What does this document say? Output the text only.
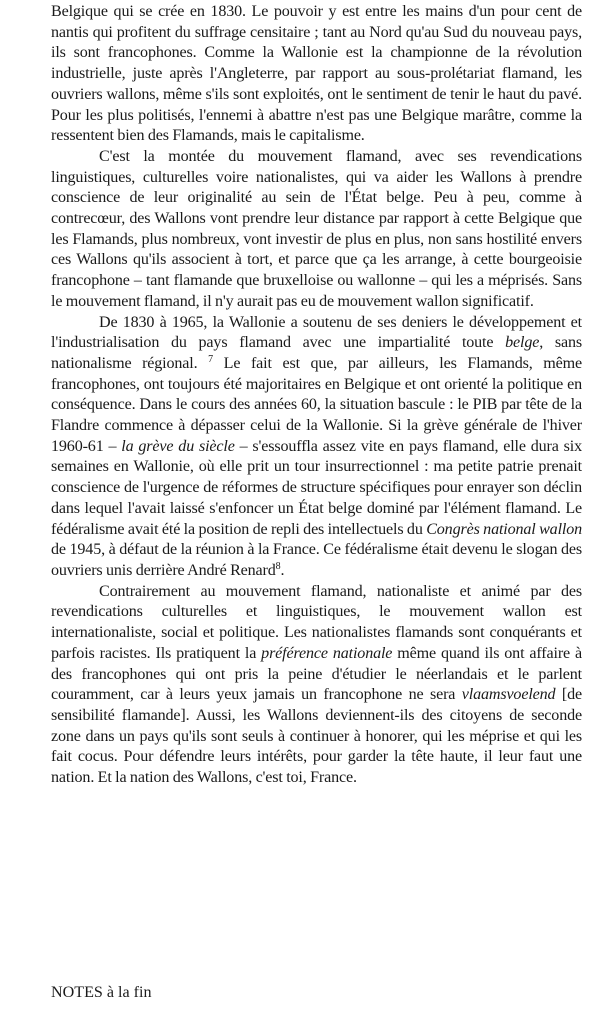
Belgique qui se crée en 1830. Le pouvoir y est entre les mains d'un pour cent de nantis qui profitent du suffrage censitaire ; tant au Nord qu'au Sud du nouveau pays, ils sont francophones. Comme la Wallonie est la championne de la révolution industrielle, juste après l'Angleterre, par rapport au sous-prolétariat flamand, les ouvriers wallons, même s'ils sont exploités, ont le sentiment de tenir le haut du pavé. Pour les plus politisés, l'ennemi à abattre n'est pas une Belgique marâtre, comme la ressentent bien des Flamands, mais le capitalisme.

C'est la montée du mouvement flamand, avec ses revendications linguistiques, culturelles voire nationalistes, qui va aider les Wallons à prendre conscience de leur originalité au sein de l'État belge. Peu à peu, comme à contrecœur, des Wallons vont prendre leur distance par rapport à cette Belgique que les Flamands, plus nombreux, vont investir de plus en plus, non sans hostilité envers ces Wallons qu'ils associent à tort, et parce que ça les arrange, à cette bourgeoisie francophone – tant flamande que bruxelloise ou wallonne – qui les a méprisés. Sans le mouvement flamand, il n'y aurait pas eu de mouvement wallon significatif.

De 1830 à 1965, la Wallonie a soutenu de ses deniers le développement et l'industrialisation du pays flamand avec une impartialité toute belge, sans nationalisme régional. $^7$ Le fait est que, par ailleurs, les Flamands, même francophones, ont toujours été majoritaires en Belgique et ont orienté la politique en conséquence. Dans le cours des années 60, la situation bascule : le PIB par tête de la Flandre commence à dépasser celui de la Wallonie. Si la grève générale de l'hiver 1960-61 – la grève du siècle – s'essouffla assez vite en pays flamand, elle dura six semaines en Wallonie, où elle prit un tour insurrectionnel : ma petite patrie prenait conscience de l'urgence de réformes de structure spécifiques pour enrayer son déclin dans lequel l'avait laissé s'enfoncer un État belge dominé par l'élément flamand. Le fédéralisme avait été la position de repli des intellectuels du Congrès national wallon de 1945, à défaut de la réunion à la France. Ce fédéralisme était devenu le slogan des ouvriers unis derrière André Renard$^8$.

Contrairement au mouvement flamand, nationaliste et animé par des revendications culturelles et linguistiques, le mouvement wallon est internationaliste, social et politique. Les nationalistes flamands sont conquérants et parfois racistes. Ils pratiquent la préférence nationale même quand ils ont affaire à des francophones qui ont pris la peine d'étudier le néerlandais et le parlent couramment, car à leurs yeux jamais un francophone ne sera vlaamsvoelend [de sensibilité flamande]. Aussi, les Wallons deviennent-ils des citoyens de seconde zone dans un pays qu'ils sont seuls à continuer à honorer, qui les méprise et qui les fait cocus. Pour défendre leurs intérêts, pour garder la tête haute, il leur faut une nation. Et la nation des Wallons, c'est toi, France.

NOTES à la fin
